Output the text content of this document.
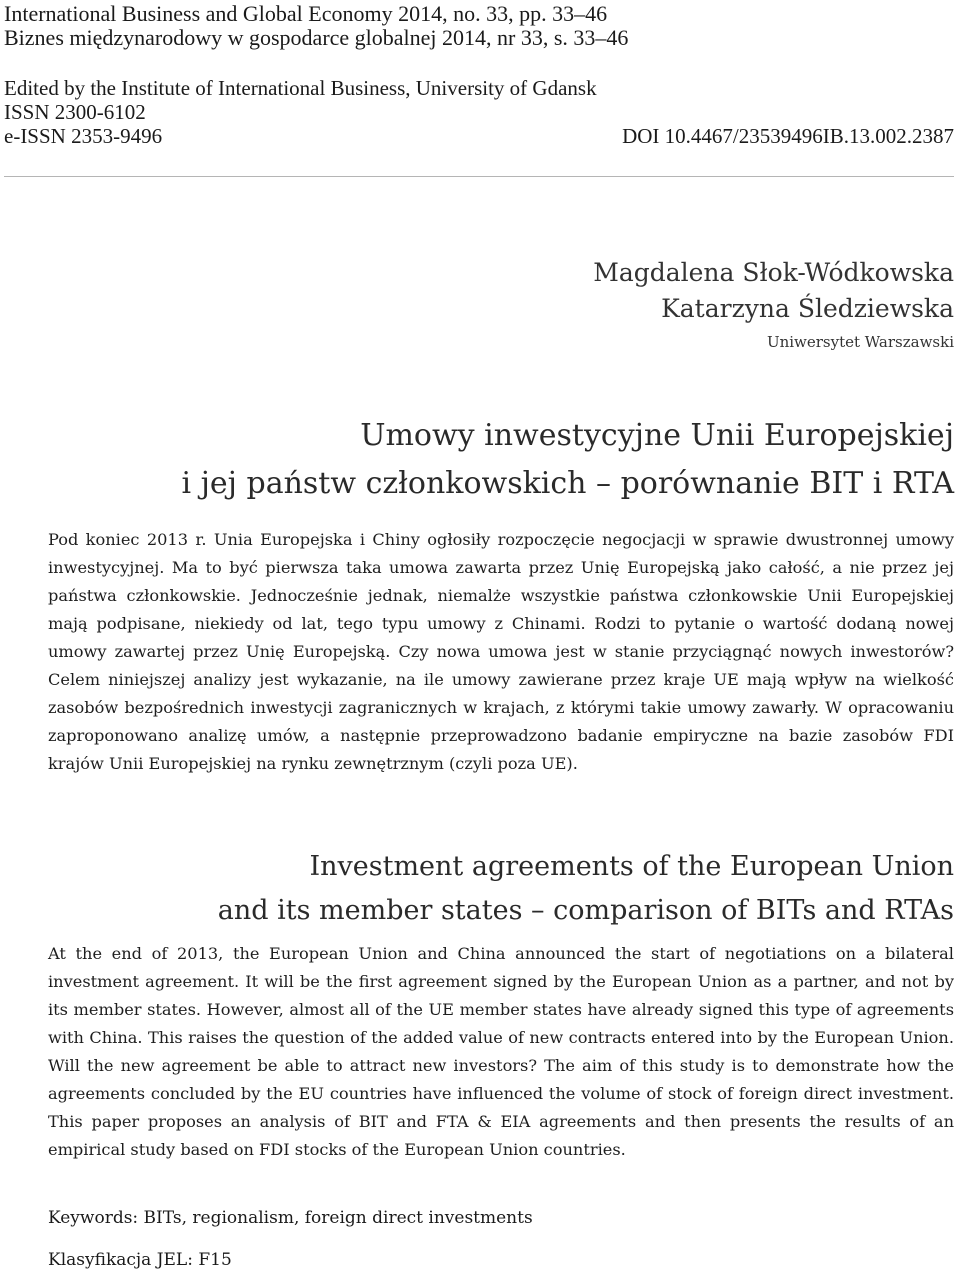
International Business and Global Economy 2014, no. 33, pp. 33–46
Biznes międzynarodowy w gospodarce globalnej 2014, nr 33, s. 33–46
Edited by the Institute of International Business, University of Gdansk
ISSN 2300-6102
e-ISSN 2353-9496	DOI 10.4467/23539496IB.13.002.2387
Magdalena Słok-Wódkowska
Katarzyna Śledziewska
Uniwersytet Warszawski
Umowy inwestycyjne Unii Europejskiej
i jej państw członkowskich – porównanie BIT i RTA

Pod koniec 2013 r. Unia Europejska i Chiny ogłosiły rozpoczęcie negocjacji w sprawie dwustronnej umowy inwestycyjnej. Ma to być pierwsza taka umowa zawarta przez Unię Europejską jako całość, a nie przez jej państwa członkowskie. Jednocześnie jednak, niemalże wszystkie państwa członkowskie Unii Europejskiej mają podpisane, niekiedy od lat, tego typu umowy z Chinami. Rodzi to pytanie o wartość dodaną nowej umowy zawartej przez Unię Europejską. Czy nowa umowa jest w stanie przyciągnąć nowych inwestorów? Celem niniejszej analizy jest wykazanie, na ile umowy zawierane przez kraje UE mają wpływ na wielkość zasobów bezpośrednich inwestycji zagranicznych w krajach, z którymi takie umowy zawarły. W opracowaniu zaproponowano analizę umów, a następnie przeprowadzono badanie empiryczne na bazie zasobów FDI krajów Unii Europejskiej na rynku zewnętrznym (czyli poza UE).

Investment agreements of the European Union
and its member states – comparison of BITs and RTAs

At the end of 2013, the European Union and China announced the start of negotiations on a bilateral investment agreement. It will be the first agreement signed by the European Union as a partner, and not by its member states. However, almost all of the UE member states have already signed this type of agreements with China. This raises the question of the added value of new contracts entered into by the European Union. Will the new agreement be able to attract new investors? The aim of this study is to demonstrate how the agreements concluded by the EU countries have influenced the volume of stock of foreign direct investment. This paper proposes an analysis of BIT and FTA & EIA agreements and then presents the results of an empirical study based on FDI stocks of the European Union countries.

Keywords: BITs, regionalism, foreign direct investments
Klasyfikacja JEL: F15
